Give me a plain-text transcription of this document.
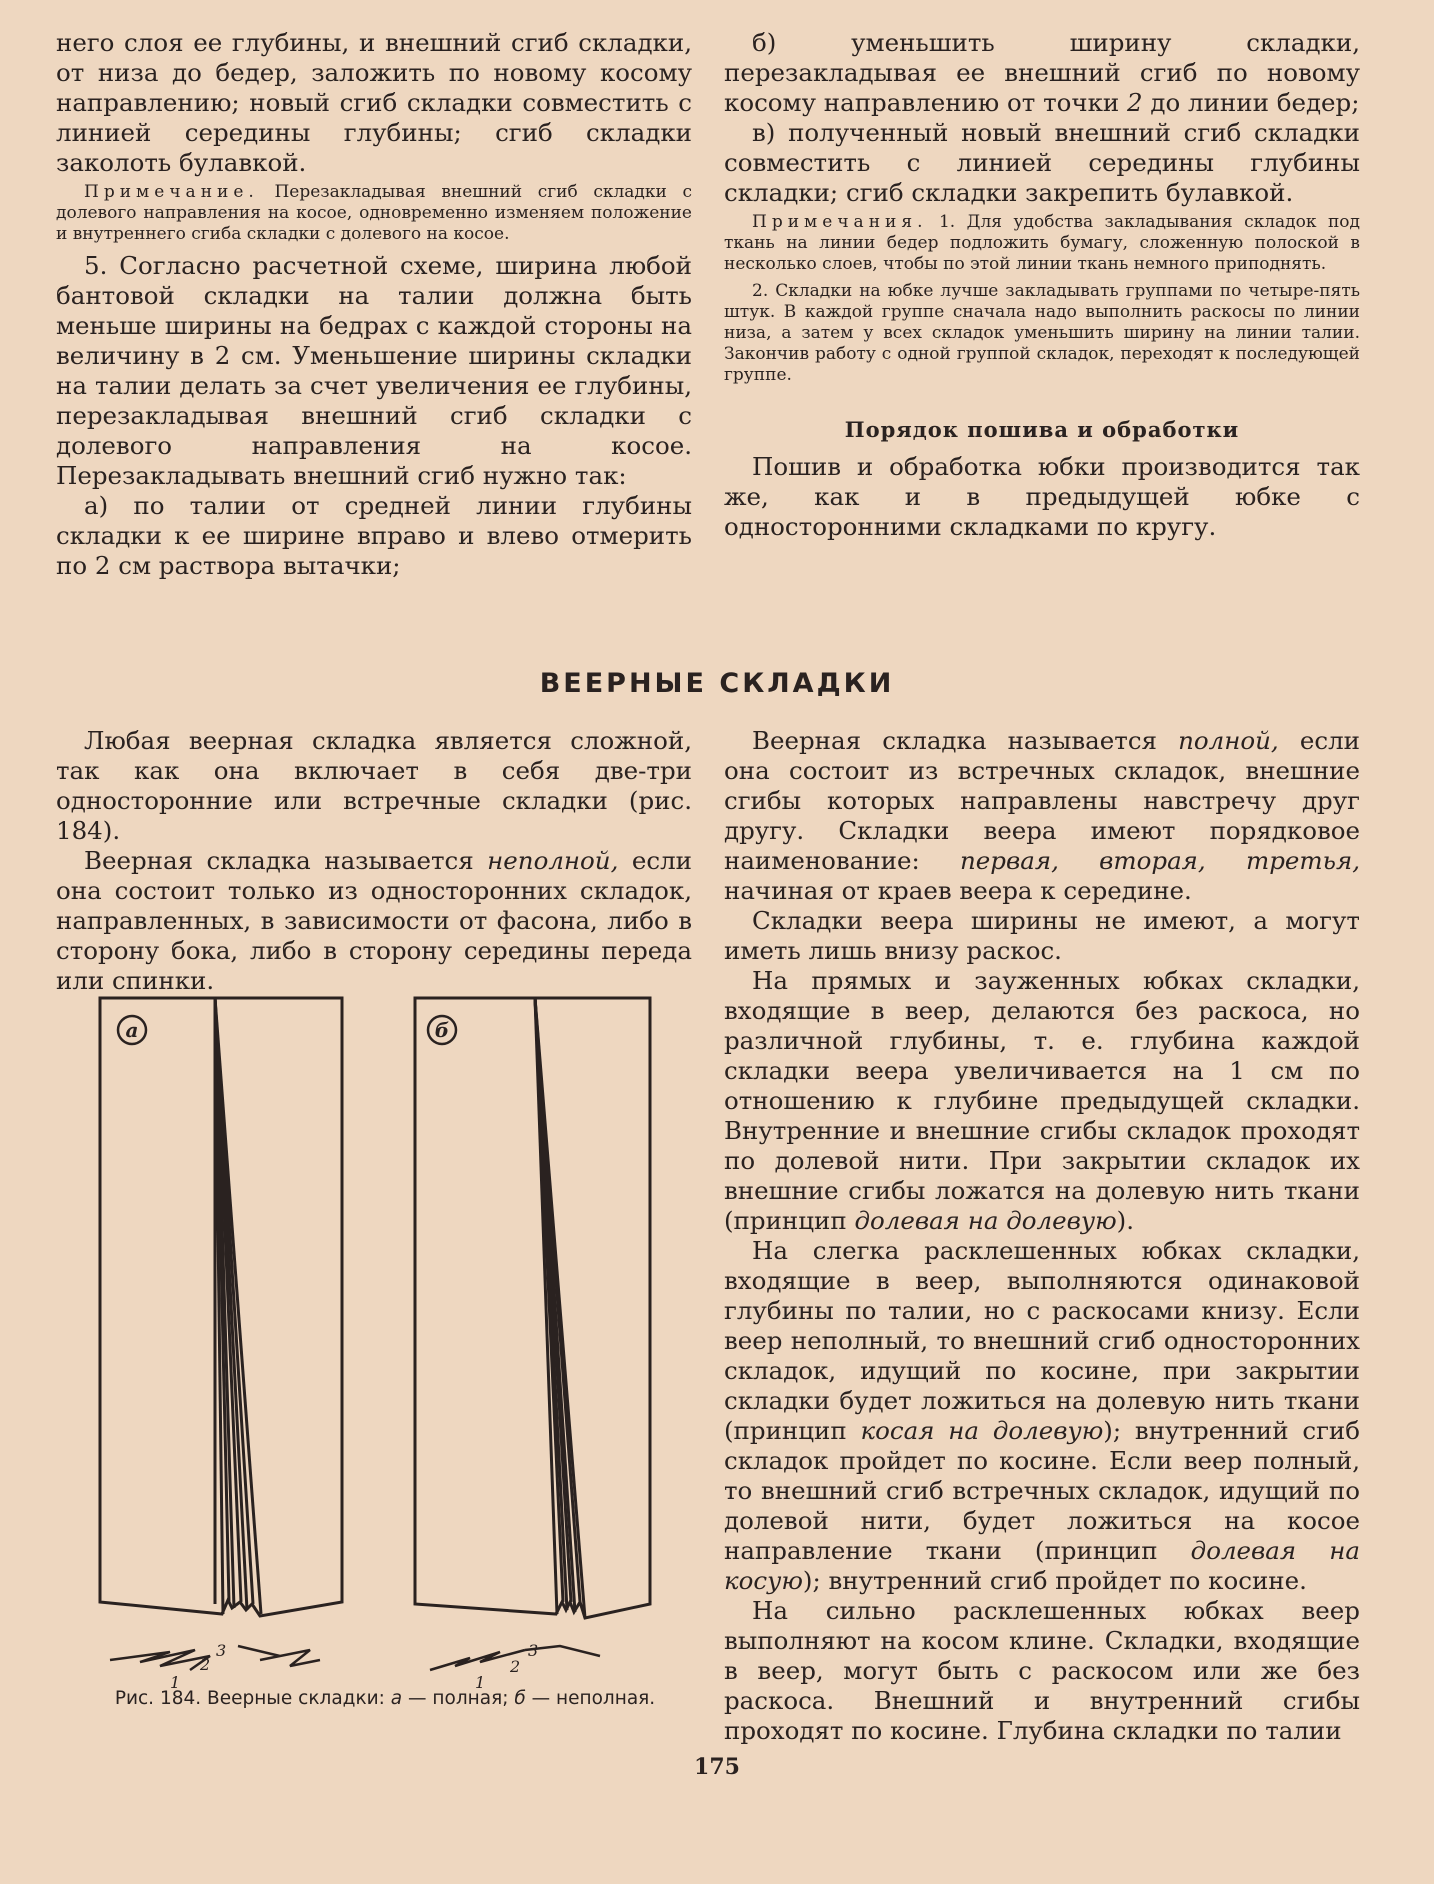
него слоя ее глубины, и внешний сгиб складки, от низа до бедер, заложить по новому косому направлению; новый сгиб складки совместить с линией середины глубины; сгиб складки заколоть булавкой.

Примечание. Перезакладывая внешний сгиб складки с долевого направления на косое, одновременно изменяем положение и внутреннего сгиба складки с долевого на косое.

5. Согласно расчетной схеме, ширина любой бантовой складки на талии должна быть меньше ширины на бедрах с каждой стороны на величину в 2 см. Уменьшение ширины складки на талии делать за счет увеличения ее глубины, перезакладывая внешний сгиб складки с долевого направления на косое. Перезакладывать внешний сгиб нужно так:

а) по талии от средней линии глубины складки к ее ширине вправо и влево отмерить по 2 см раствора вытачки;

б) уменьшить ширину складки, перезакладывая ее внешний сгиб по новому косому направлению от точки 2 до линии бедер;

в) полученный новый внешний сгиб складки совместить с линией середины глубины складки; сгиб складки закрепить булавкой.

Примечания. 1. Для удобства закладывания складок под ткань на линии бедер подложить бумагу, сложенную полоской в несколько слоев, чтобы по этой линии ткань немного приподнять.

2. Складки на юбке лучше закладывать группами по четыре-пять штук. В каждой группе сначала надо выполнить раскосы по линии низа, а затем у всех складок уменьшить ширину на линии талии. Закончив работу с одной группой складок, переходят к последующей группе.

Порядок пошива и обработки

Пошив и обработка юбки производится так же, как и в предыдущей юбке с односторонними складками по кругу.

ВЕЕРНЫЕ СКЛАДКИ

Любая веерная складка является сложной, так как она включает в себя две-три односторонние или встречные складки (рис. 184).

Веерная складка называется неполной, если она состоит только из односторонних складок, направленных, в зависимости от фасона, либо в сторону бока, либо в сторону середины переда или спинки.

а	б
1
2
3
1
2
3
Рис. 184. Веерные складки: а — полная; б — неполная.

Веерная складка называется полной, если она состоит из встречных складок, внешние сгибы которых направлены навстречу друг другу. Складки веера имеют порядковое наименование: первая, вторая, третья, начиная от краев веера к середине.

Складки веера ширины не имеют, а могут иметь лишь внизу раскос.

На прямых и зауженных юбках складки, входящие в веер, делаются без раскоса, но различной глубины, т. е. глубина каждой складки веера увеличивается на 1 см по отношению к глубине предыдущей складки. Внутренние и внешние сгибы складок проходят по долевой нити. При закрытии складок их внешние сгибы ложатся на долевую нить ткани (принцип долевая на долевую).

На слегка расклешенных юбках складки, входящие в веер, выполняются одинаковой глубины по талии, но с раскосами книзу. Если веер неполный, то внешний сгиб односторонних складок, идущий по косине, при закрытии складки будет ложиться на долевую нить ткани (принцип косая на долевую); внутренний сгиб складок пройдет по косине. Если веер полный, то внешний сгиб встречных складок, идущий по долевой нити, будет ложиться на косое направление ткани (принцип долевая на косую); внутренний сгиб пройдет по косине.

На сильно расклешенных юбках веер выполняют на косом клине. Складки, входящие в веер, могут быть с раскосом или же без раскоса. Внешний и внутренний сгибы проходят по косине. Глубина складки по талии

175
